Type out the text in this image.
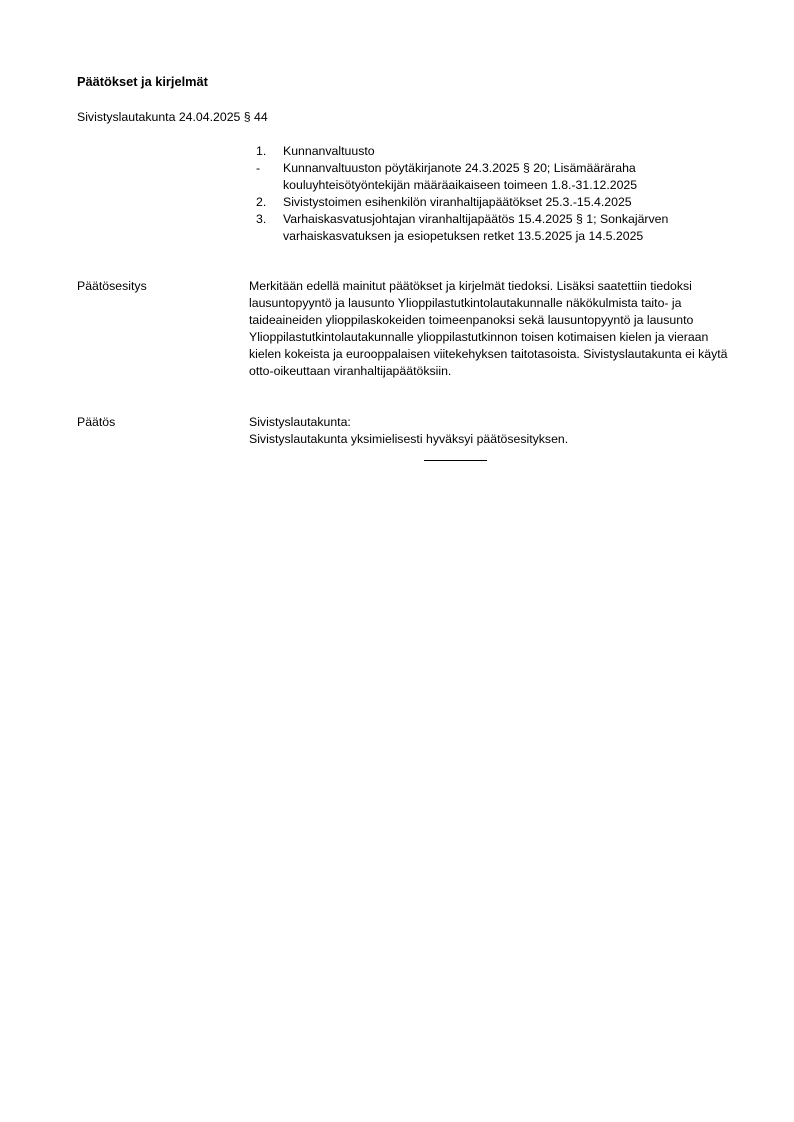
Päätökset ja kirjelmät
Sivistyslautakunta 24.04.2025 § 44
1.	Kunnanvaltuusto
-	Kunnanvaltuuston pöytäkirjanote 24.3.2025 § 20; Lisämääräraha kouluyhteisötyöntekijän määräaikaiseen toimeen 1.8.-31.12.2025
2.	Sivistystoimen esihenkilön viranhaltijapäätökset 25.3.-15.4.2025
3.	Varhaiskasvatusjohtajan viranhaltijapäätös 15.4.2025 § 1; Sonkajärven varhaiskasvatuksen ja esiopetuksen retket 13.5.2025 ja 14.5.2025
Päätösesitys	Merkitään edellä mainitut päätökset ja kirjelmät tiedoksi. Lisäksi saatettiin tiedoksi lausuntopyyntö ja lausunto Ylioppilastutkintolautakunnalle näkökulmista taito- ja taideaineiden ylioppilaskokeiden toimeenpanoksi sekä lausuntopyyntö ja lausunto Ylioppilastutkintolautakunnalle ylioppilastutkinnon toisen kotimaisen kielen ja vieraan kielen kokeista ja eurooppalaisen viitekehyksen taitotasoista. Sivistyslautakunta ei käytä otto-oikeuttaan viranhaltijapäätöksiin.
Päätös	Sivistyslautakunta:
Sivistyslautakunta yksimielisesti hyväksyi päätösesityksen.
